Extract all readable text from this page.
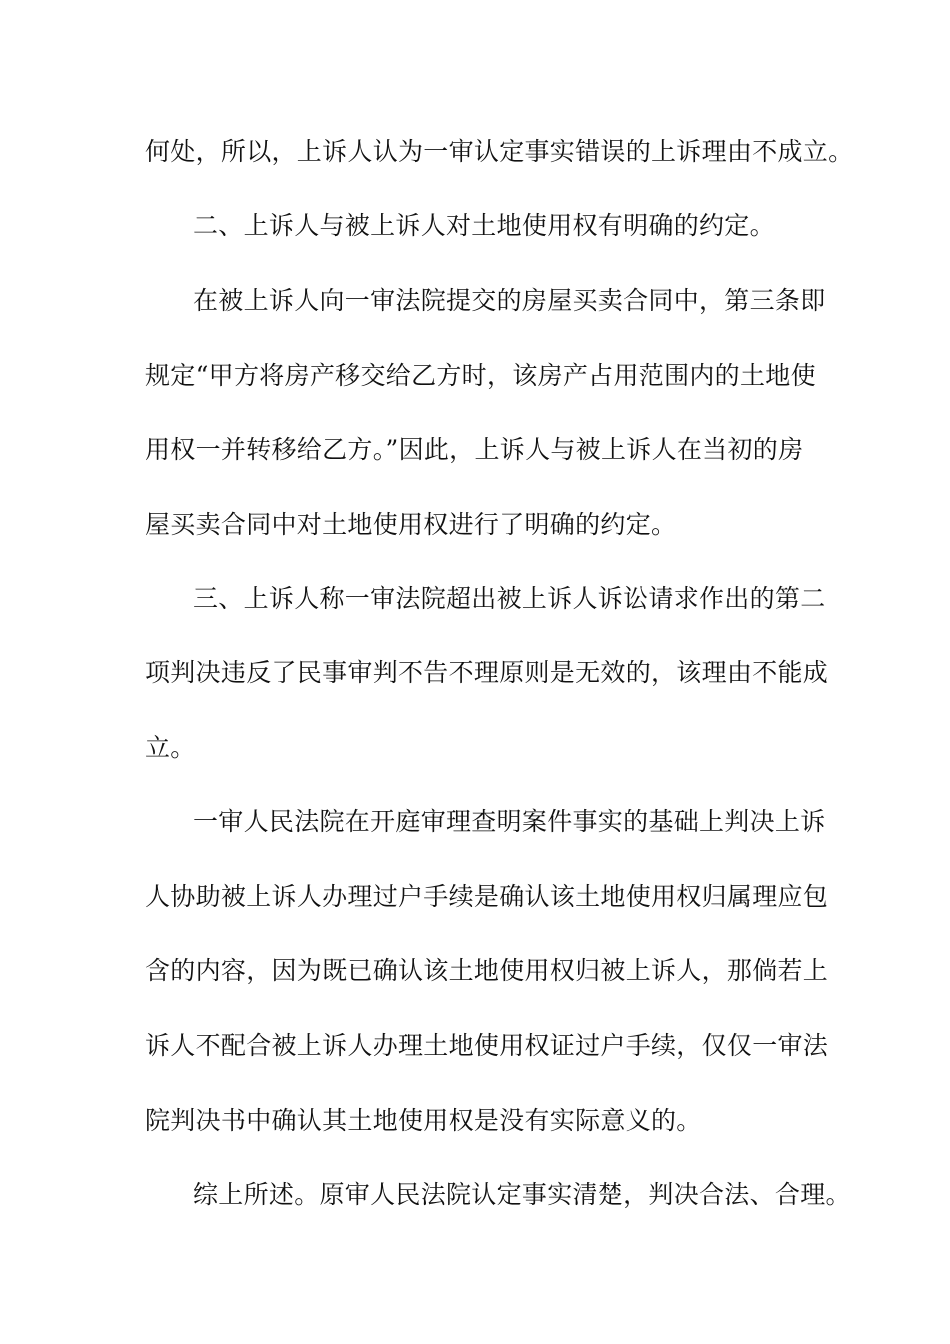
何处，所以，上诉人认为一审认定事实错误的上诉理由不成立。
二、上诉人与被上诉人对土地使用权有明确的约定。
在被上诉人向一审法院提交的房屋买卖合同中，第三条即
规定“甲方将房产移交给乙方时，该房产占用范围内的土地使
用权一并转移给乙方。”因此，上诉人与被上诉人在当初的房
屋买卖合同中对土地使用权进行了明确的约定。
三、上诉人称一审法院超出被上诉人诉讼请求作出的第二
项判决违反了民事审判不告不理原则是无效的，该理由不能成
立。
一审人民法院在开庭审理查明案件事实的基础上判决上诉
人协助被上诉人办理过户手续是确认该土地使用权归属理应包
含的内容，因为既已确认该土地使用权归被上诉人，那倘若上
诉人不配合被上诉人办理土地使用权证过户手续，仅仅一审法
院判决书中确认其土地使用权是没有实际意义的。
综上所述。原审人民法院认定事实清楚，判决合法、合理。
